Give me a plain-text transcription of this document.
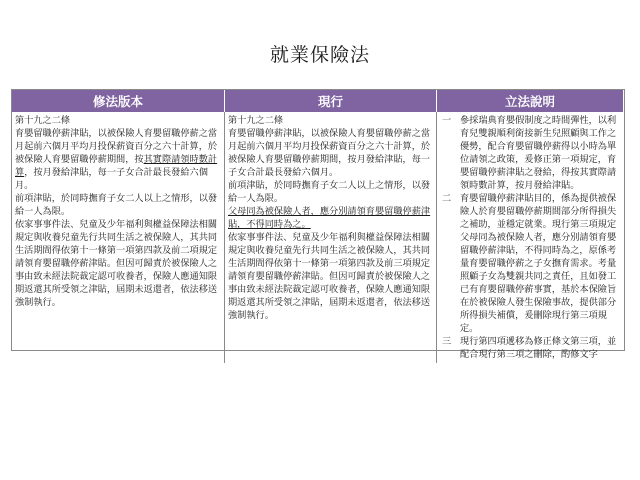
就業保險法
修法版本	現行	立法說明

第十九之二條

育嬰留職停薪津貼，以被保險人育嬰留職停薪之當月起前六個月平均月投保薪資百分之六十計算，於被保險人育嬰留職停薪期間，按其實際請領時數計算，按月發給津貼，每一子女合計最長發給六個月。

前項津貼，於同時撫育子女二人以上之情形，以發給一人為限。

依家事事件法、兒童及少年福利與權益保障法相關規定與收養兒童先行共同生活之被保險人，其共同生活期間得依第十一條第一項第四款及前二項規定請領育嬰留職停薪津貼。但因可歸責於被保險人之事由致未經法院裁定認可收養者，保險人應通知限期返還其所受領之津貼，屆期未返還者，依法移送強制執行。

第十九之二條

育嬰留職停薪津貼，以被保險人育嬰留職停薪之當月起前六個月平均月投保薪資百分之六十計算，於被保險人育嬰留職停薪期間，按月發給津貼，每一子女合計最長發給六個月。

前項津貼，於同時撫育子女二人以上之情形，以發給一人為限。

父母同為被保險人者，應分別請領育嬰留職停薪津貼，不得同時為之。

依家事事件法、兒童及少年福利與權益保障法相關規定與收養兒童先行共同生活之被保險人，其共同生活期間得依第十一條第一項第四款及前三項規定請領育嬰留職停薪津貼。但因可歸責於被保險人之事由致未經法院裁定認可收養者，保險人應通知限期返還其所受領之津貼，屆期未返還者，依法移送強制執行。

一 參採瑞典育嬰假制度之時間彈性，以利育兒雙親順利銜接新生兒照顧與工作之優勢，配合育嬰留職停薪得以小時為單位請領之政策，爰修正第一項規定，育嬰留職停薪津貼之發給，得按其實際請領時數計算，按月發給津貼。
二 育嬰留職停薪津貼目的，係為提供被保險人於育嬰留職停薪期間部分所得損失之補助，並穩定就業。現行第三項規定父母同為被保險人者，應分別請領育嬰留職停薪津貼，不得同時為之，原係考量育嬰留職停薪之子女撫育需求。考量照顧子女為雙親共同之責任，且如發工已有育嬰留職停薪事實，基於本保險旨在於被保險人發生保險事故，提供部分所得損失補償，爰刪除現行第三項規定。
三 現行第四項遞移為修正條文第三項，並配合現行第三項之刪除，酌修文字
